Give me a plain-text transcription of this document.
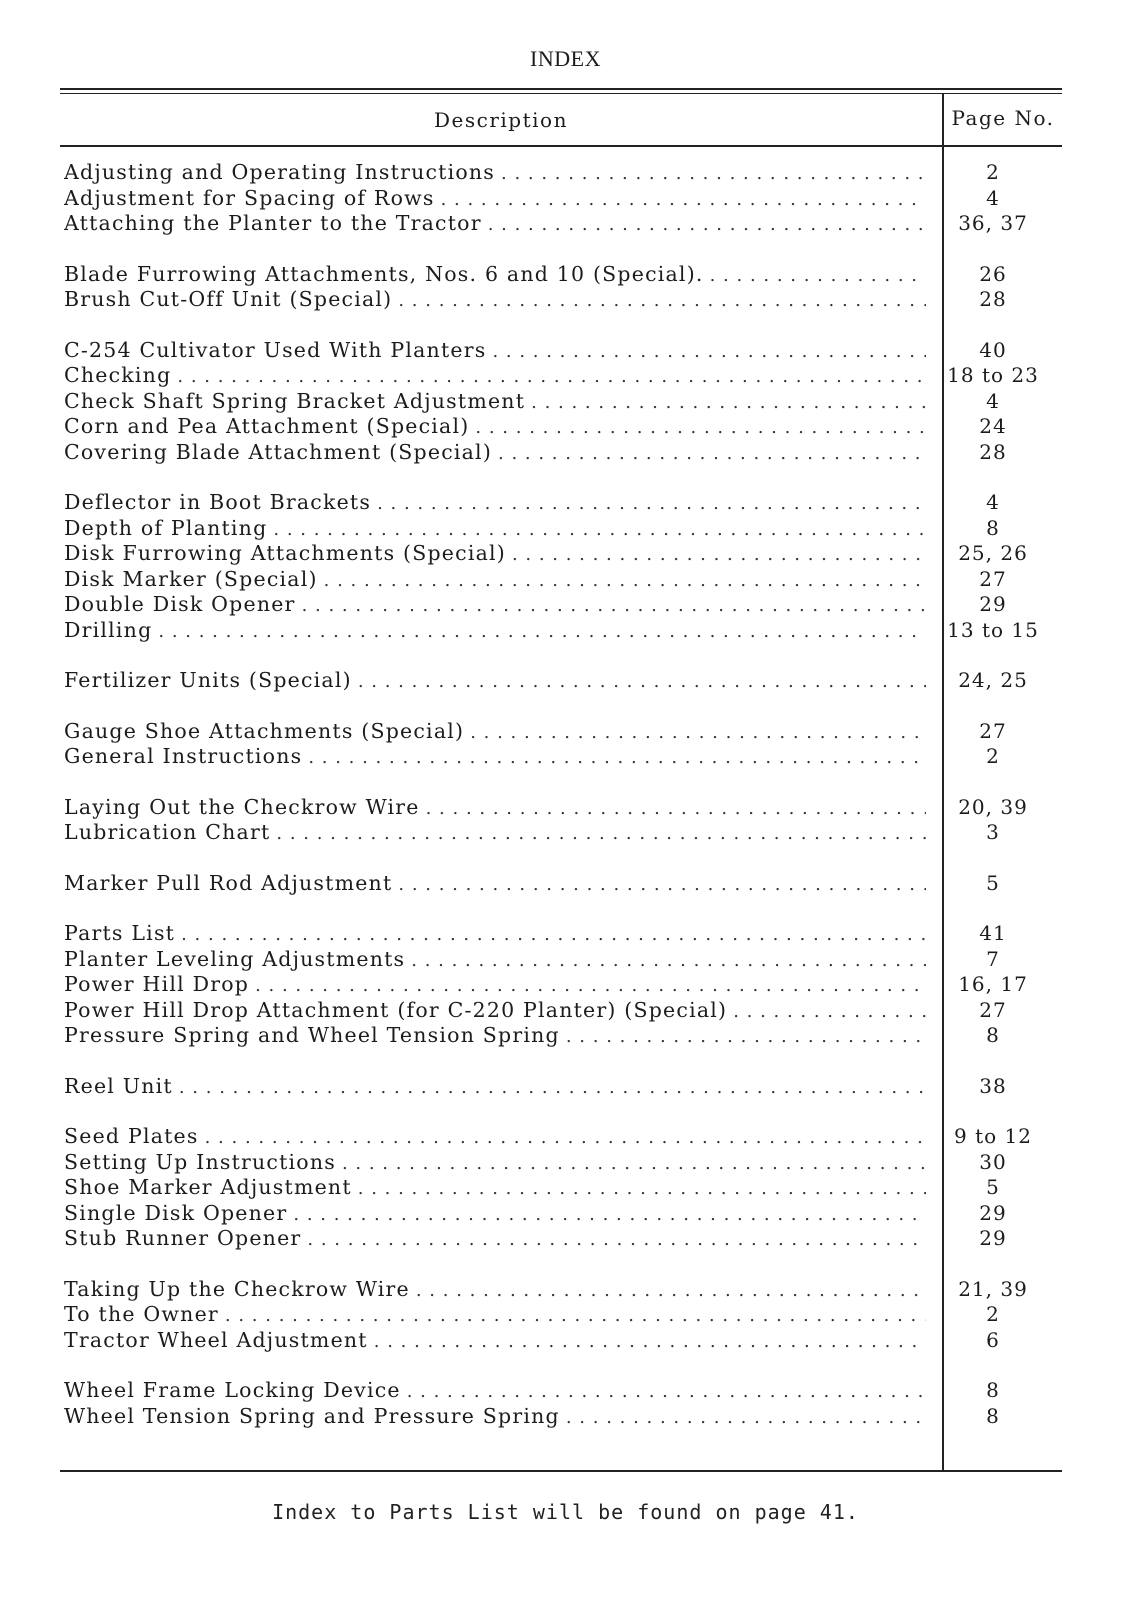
INDEX
Description	Page No.
Adjusting and Operating Instructions . . .	2
Adjustment for Spacing of Rows . . .	4
Attaching the Planter to the Tractor . . .	36, 37
Blade Furrowing Attachments, Nos. 6 and 10 (Special). . . .	26
Brush Cut-Off Unit (Special) . . .	28
C-254 Cultivator Used With Planters . . .	40
Checking . . .	18 to 23
Check Shaft Spring Bracket Adjustment . . .	4
Corn and Pea Attachment (Special) . . .	24
Covering Blade Attachment (Special) . . .	28
Deflector in Boot Brackets . . .	4
Depth of Planting . . .	8
Disk Furrowing Attachments (Special) . . .	25, 26
Disk Marker (Special) . . .	27
Double Disk Opener . . .	29
Drilling . . .	13 to 15
Fertilizer Units (Special) . . .	24, 25
Gauge Shoe Attachments (Special) . . .	27
General Instructions . . .	2
Laying Out the Checkrow Wire . . .	20, 39
Lubrication Chart . . .	3
Marker Pull Rod Adjustment . . .	5
Parts List . . .	41
Planter Leveling Adjustments . . .	7
Power Hill Drop . . .	16, 17
Power Hill Drop Attachment (for C-220 Planter) (Special) . . .	27
Pressure Spring and Wheel Tension Spring . . .	8
Reel Unit . . .	38
Seed Plates . . .	9 to 12
Setting Up Instructions . . .	30
Shoe Marker Adjustment . . .	5
Single Disk Opener . . .	29
Stub Runner Opener . . .	29
Taking Up the Checkrow Wire . . .	21, 39
To the Owner . . .	2
Tractor Wheel Adjustment . . .	6
Wheel Frame Locking Device . . .	8
Wheel Tension Spring and Pressure Spring . . .	8
Index to Parts List will be found on page 41.
